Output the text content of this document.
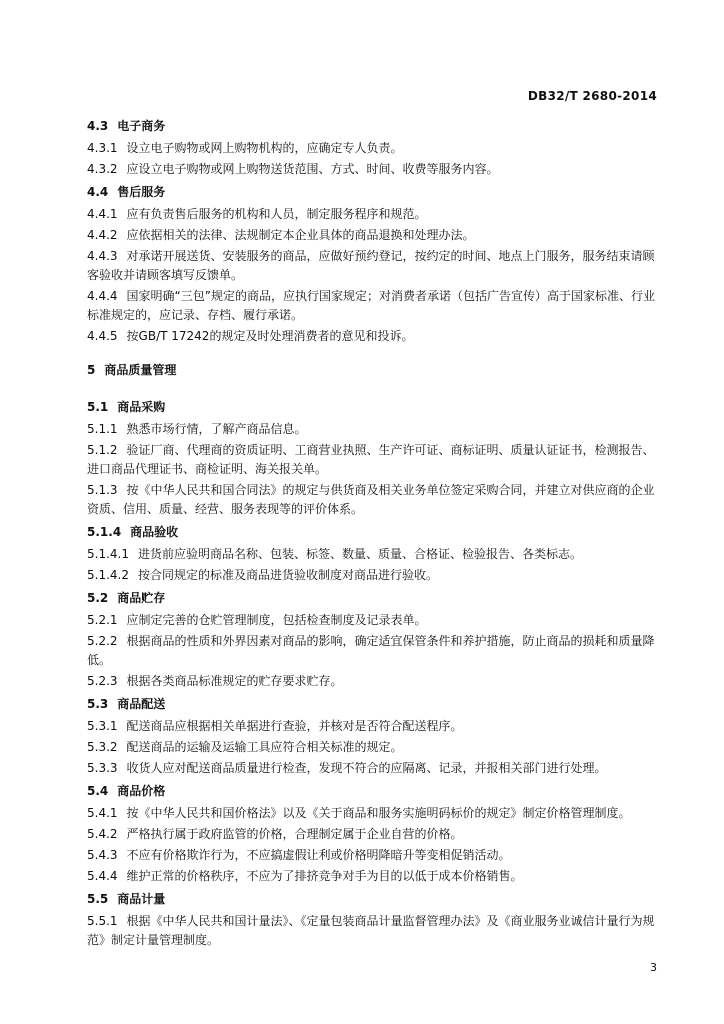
DB32/T 2680-2014
4.3 电子商务
4.3.1 设立电子购物或网上购物机构的，应确定专人负责。
4.3.2 应设立电子购物或网上购物送货范围、方式、时间、收费等服务内容。
4.4 售后服务
4.4.1 应有负责售后服务的机构和人员，制定服务程序和规范。
4.4.2 应依据相关的法律、法规制定本企业具体的商品退换和处理办法。
4.4.3 对承诺开展送货、安装服务的商品，应做好预约登记，按约定的时间、地点上门服务，服务结束请顾客验收并请顾客填写反馈单。
4.4.4 国家明确“三包”规定的商品，应执行国家规定；对消费者承诺（包括广告宣传）高于国家标准、行业标准规定的，应记录、存档、履行承诺。
4.4.5 按GB/T 17242的规定及时处理消费者的意见和投诉。
5 商品质量管理
5.1 商品采购
5.1.1 熟悉市场行情，了解产商品信息。
5.1.2 验证厂商、代理商的资质证明、工商营业执照、生产许可证、商标证明、质量认证证书，检测报告、进口商品代理证书、商检证明、海关报关单。
5.1.3 按《中华人民共和国合同法》的规定与供货商及相关业务单位签定采购合同，并建立对供应商的企业资质、信用、质量、经营、服务表现等的评价体系。
5.1.4 商品验收
5.1.4.1 进货前应验明商品名称、包装、标签、数量、质量、合格证、检验报告、各类标志。
5.1.4.2 按合同规定的标准及商品进货验收制度对商品进行验收。
5.2 商品贮存
5.2.1 应制定完善的仓贮管理制度，包括检查制度及记录表单。
5.2.2 根据商品的性质和外界因素对商品的影响，确定适宜保管条件和养护措施，防止商品的损耗和质量降低。
5.2.3 根据各类商品标准规定的贮存要求贮存。
5.3 商品配送
5.3.1 配送商品应根据相关单据进行查验，并核对是否符合配送程序。
5.3.2 配送商品的运输及运输工具应符合相关标准的规定。
5.3.3 收货人应对配送商品质量进行检查，发现不符合的应隔离、记录，并报相关部门进行处理。
5.4 商品价格
5.4.1 按《中华人民共和国价格法》以及《关于商品和服务实施明码标价的规定》制定价格管理制度。
5.4.2 严格执行属于政府监管的价格，合理制定属于企业自营的价格。
5.4.3 不应有价格欺诈行为，不应搞虚假让利或价格明降暗升等变相促销活动。
5.4.4 维护正常的价格秩序，不应为了排挤竞争对手为目的以低于成本价格销售。
5.5 商品计量
5.5.1 根据《中华人民共和国计量法》、《定量包装商品计量监督管理办法》及《商业服务业诚信计量行为规范》制定计量管理制度。
3
